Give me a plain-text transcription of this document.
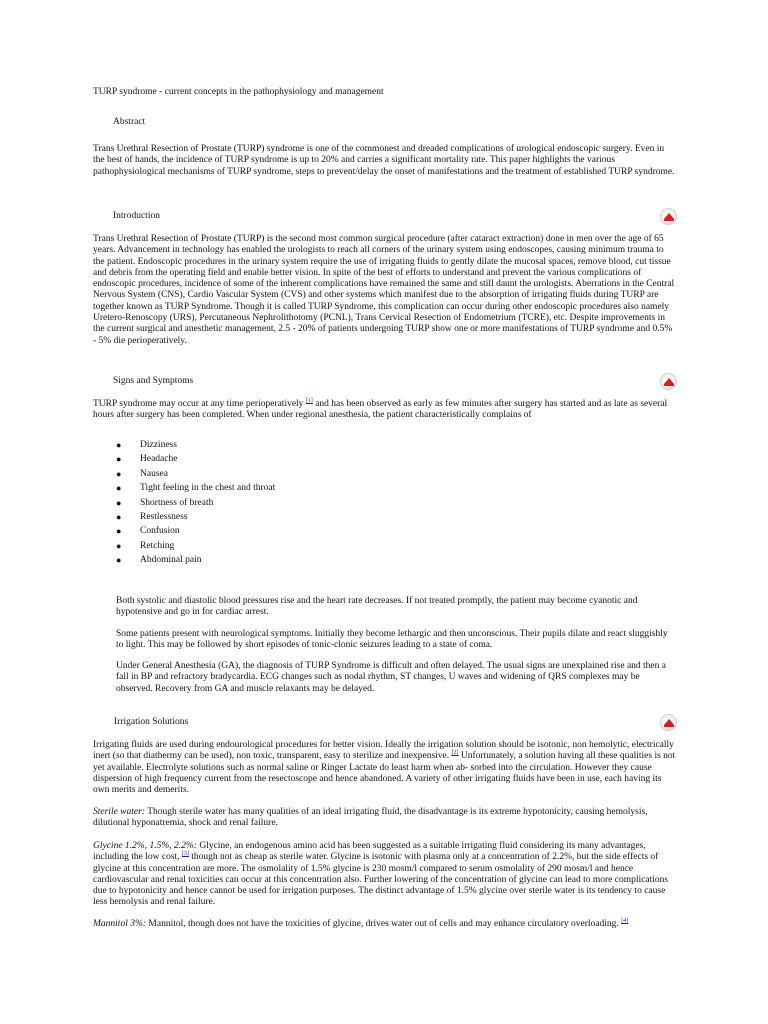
TURP syndrome - current concepts in the pathophysiology and management
Abstract

Trans Urethral Resection of Prostate (TURP) syndrome is one of the commonest and dreaded complications of urological endoscopic surgery. Even in the best of hands, the incidence of TURP syndrome is up to 20% and carries a significant mortality rate. This paper highlights the various pathophysiological mechanisms of TURP syndrome, steps to prevent/delay the onset of manifestations and the treatment of established TURP syndrome.

Introduction

Trans Urethral Resection of Prostate (TURP) is the second most common surgical procedure (after cataract extraction) done in men over the age of 65 years. Advancement in technology has enabled the urologists to reach all corners of the urinary system using endoscopes, causing minimum trauma to the patient. Endoscopic procedures in the urinary system require the use of irrigating fluids to gently dilate the mucosal spaces, remove blood, cut tissue and debris from the operating field and enable better vision. In spite of the best of efforts to understand and prevent the various complications of endoscopic procedures, incidence of some of the inherent complications have remained the same and still daunt the urologists. Aberrations in the Central Nervous System (CNS), Cardio Vascular System (CVS) and other systems which manifest due to the absorption of irrigating fluids during TURP are together known as TURP Syndrome. Though it is called TURP Syndrome, this complication can occur during other endoscopic procedures also namely Uretero-Renoscopy (URS), Percutaneous Nephrolithotomy (PCNL), Trans Cervical Resection of Endometrium (TCRE), etc. Despite improvements in the current surgical and anesthetic management, 2.5 - 20% of patients undergoing TURP show one or more manifestations of TURP syndrome and 0.5% - 5% die perioperatively.

Signs and Symptoms

TURP syndrome may occur at any time perioperatively [1] and has been observed as early as few minutes after surgery has started and as late as several hours after surgery has been completed. When under regional anesthesia, the patient characteristically complains of

● Dizziness
● Headache
● Nausea
● Tight feeling in the chest and throat
● Shortness of breath
● Restlessness
● Confusion
● Retching
● Abdominal pain

Both systolic and diastolic blood pressures rise and the heart rate decreases. If not treated promptly, the patient may become cyanotic and hypotensive and go in for cardiac arrest.

Some patients present with neurological symptoms. Initially they become lethargic and then unconscious. Their pupils dilate and react sluggishly to light. This may be followed by short episodes of tonic-clonic seizures leading to a state of coma.

Under General Anesthesia (GA), the diagnosis of TURP Syndrome is difficult and often delayed. The usual signs are unexplained rise and then a fall in BP and refractory bradycardia. ECG changes such as nodal rhythm, ST changes, U waves and widening of QRS complexes may be observed. Recovery from GA and muscle relaxants may be delayed.

Irrigation Solutions

Irrigating fluids are used during endourological procedures for better vision. Ideally the irrigation solution should be isotonic, non hemolytic, electrically inert (so that diathermy can be used), non toxic, transparent, easy to sterilize and inexpensive. [2] Unfortunately, a solution having all these qualities is not yet available. Electrolyte solutions such as normal saline or Ringer Lactate do least harm when ab- sorbed into the circulation. However they cause dispersion of high frequency current from the resectoscope and hence abandoned. A variety of other irrigating fluids have been in use, each having its own merits and demerits.

Sterile water: Though sterile water has many qualities of an ideal irrigating fluid, the disadvantage is its extreme hypotonicity, causing hemolysis, dilutional hyponatremia, shock and renal failure.

Glycine 1.2%, 1.5%, 2.2%: Glycine, an endogenous amino acid has been suggested as a suitable irrigating fluid considering its many advantages, including the low cost, [3] though not as cheap as sterile water. Glycine is isotonic with plasma only at a concentration of 2.2%, but the side effects of glycine at this concentration are more. The osmolality of 1.5% glycine is 230 mosm/l compared to serum osmolality of 290 mosm/l and hence cardiovascular and renal toxicities can occur at this concentration also. Further lowering of the concentration of glycine can lead to more complications due to hypotonicity and hence cannot be used for irrigation purposes. The distinct advantage of 1.5% glycine over sterile water is its tendency to cause less hemolysis and renal failure.

Mannitol 3%: Mannitol, though does not have the toxicities of glycine, drives water out of cells and may enhance circulatory overloading. [4]
